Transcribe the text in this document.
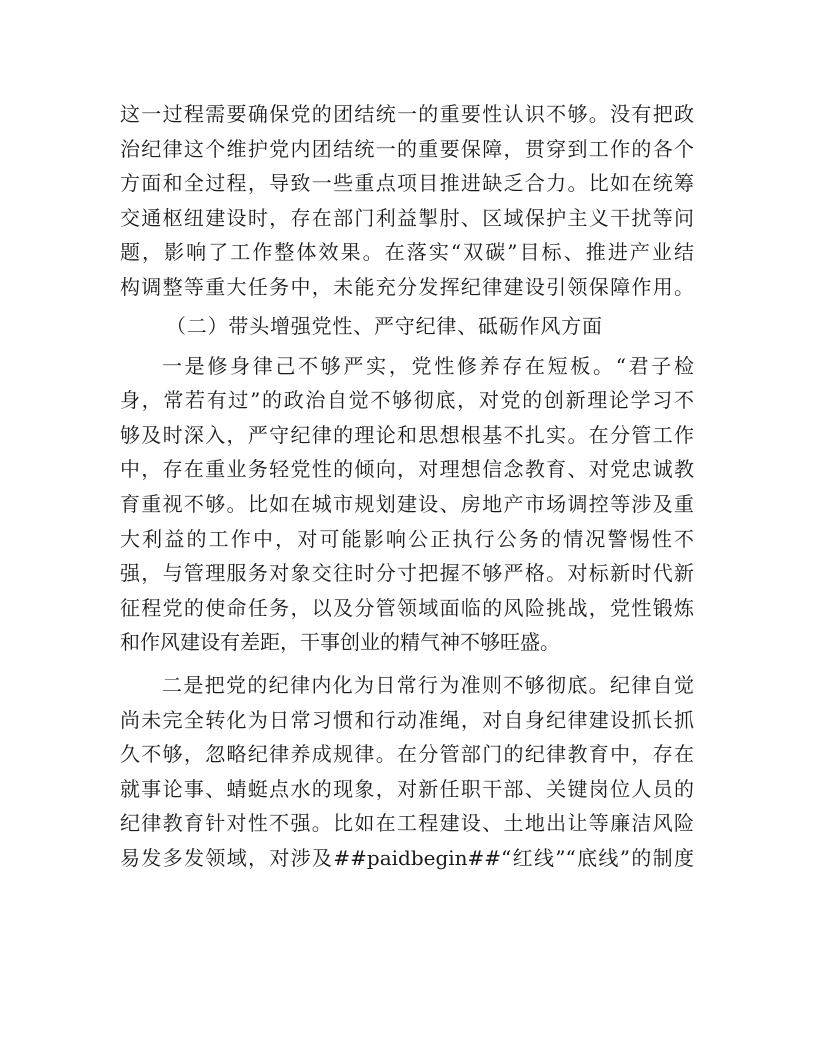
这一过程需要确保党的团结统一的重要性认识不够。没有把政
治纪律这个维护党内团结统一的重要保障，贯穿到工作的各个
方面和全过程，导致一些重点项目推进缺乏合力。比如在统筹
交通枢纽建设时，存在部门利益掣肘、区域保护主义干扰等问
题，影响了工作整体效果。在落实“双碳”目标、推进产业结
构调整等重大任务中，未能充分发挥纪律建设引领保障作用。
（二）带头增强党性、严守纪律、砥砺作风方面
一是修身律己不够严实，党性修养存在短板。“君子检
身，常若有过”的政治自觉不够彻底，对党的创新理论学习不
够及时深入，严守纪律的理论和思想根基不扎实。在分管工作
中，存在重业务轻党性的倾向，对理想信念教育、对党忠诚教
育重视不够。比如在城市规划建设、房地产市场调控等涉及重
大利益的工作中，对可能影响公正执行公务的情况警惕性不
强，与管理服务对象交往时分寸把握不够严格。对标新时代新
征程党的使命任务，以及分管领域面临的风险挑战，党性锻炼
和作风建设有差距，干事创业的精气神不够旺盛。
二是把党的纪律内化为日常行为准则不够彻底。纪律自觉
尚未完全转化为日常习惯和行动准绳，对自身纪律建设抓长抓
久不够，忽略纪律养成规律。在分管部门的纪律教育中，存在
就事论事、蜻蜓点水的现象，对新任职干部、关键岗位人员的
纪律教育针对性不强。比如在工程建设、土地出让等廉洁风险
易发多发领域，对涉及##paidbegin##“红线”“底线”的制度
